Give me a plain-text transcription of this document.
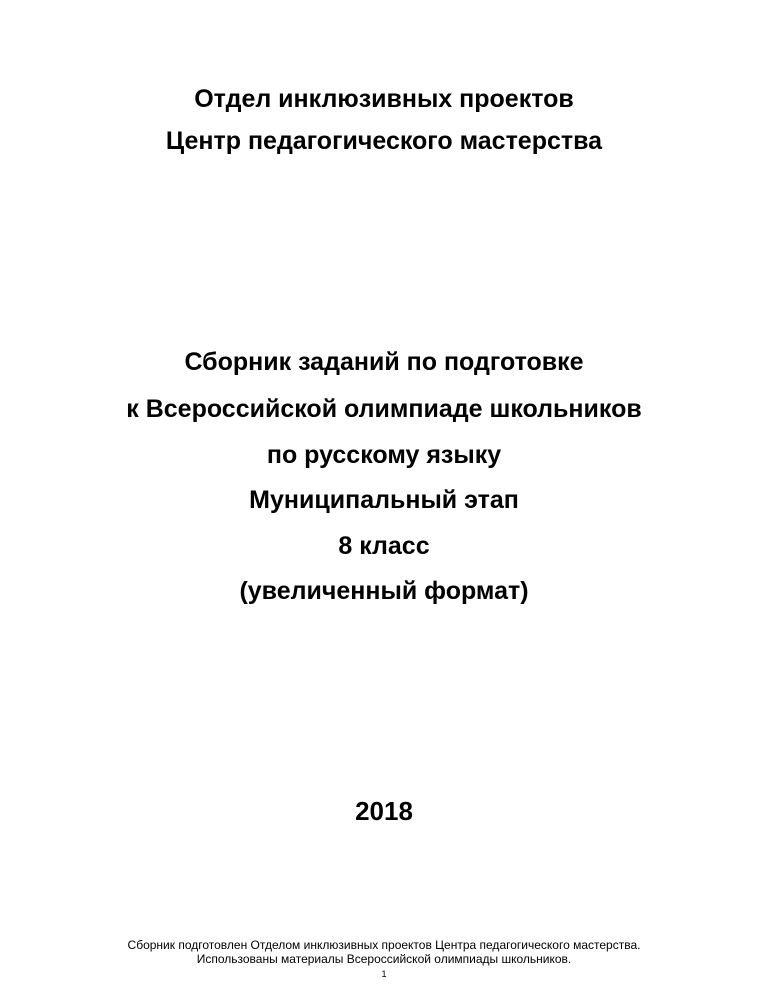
Отдел инклюзивных проектов
Центр педагогического мастерства
Сборник заданий по подготовке
к Всероссийской олимпиаде школьников
по русскому языку
Муниципальный этап
8 класс
(увеличенный формат)
2018
Сборник подготовлен Отделом инклюзивных проектов Центра педагогического мастерства.
Использованы материалы Всероссийской олимпиады школьников.
1
